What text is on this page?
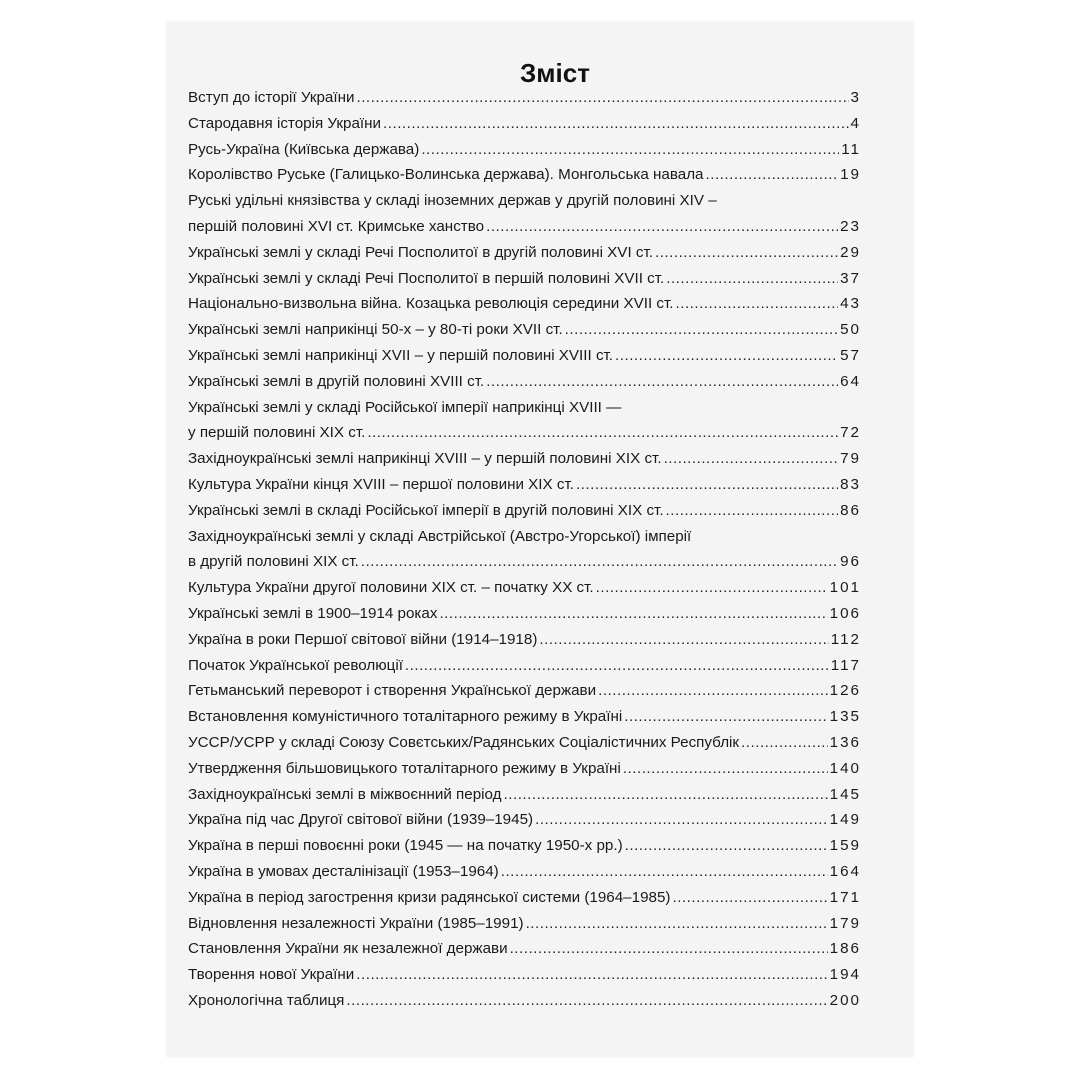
Зміст
Вступ до історії України .....	3
Стародавня історія України .....	4
Русь-Україна (Київська держава) .....	11
Королівство Руське (Галицько-Волинська держава). Монгольська навала .....	19
Руські удільні князівства у складі іноземних держав у другій половині XIV –
першій половині XVI ст. Кримське ханство .....	23
Українські землі у складі Речі Посполитої в другій половині XVI ст. .....	29
Українські землі у складі Речі Посполитої в першій половині XVII ст. .....	37
Національно-визвольна війна. Козацька революція середини XVII ст. .....	43
Українські землі наприкінці 50-х – у 80-ті роки XVII ст. .....	50
Українські землі наприкінці XVII – у першій половині XVIII ст. .....	57
Українські землі в другій половині XVIII ст. .....	64
Українські землі у складі Російської імперії наприкінці XVIII —
у першій половині XIX ст. .....	72
Західноукраїнські землі наприкінці XVIII – у першій половині XIX ст. .....	79
Культура України кінця XVIII – першої половини XIX ст. .....	83
Українські землі в складі Російської імперії в другій половині XIX ст. .....	86
Західноукраїнські землі у складі Австрійської (Австро-Угорської) імперії
в другій половині XIX ст. .....	96
Культура України другої половини XIX ст. – початку XX ст. .....	101
Українські землі в 1900–1914 роках .....	106
Україна в роки Першої світової війни (1914–1918) .....	112
Початок Української революції .....	117
Гетьманський переворот і створення Української держави .....	126
Встановлення комуністичного тоталітарного режиму в Україні .....	135
УССР/УСРР у складі Союзу Совєтських/Радянських Соціалістичних Республік .....	136
Утвердження більшовицького тоталітарного режиму в Україні .....	140
Західноукраїнські землі в міжвоєнний період .....	145
Україна під час Другої світової війни (1939–1945) .....	149
Україна в перші повоєнні роки (1945 — на початку 1950-х рр.) .....	159
Україна в умовах десталінізації (1953–1964) .....	164
Україна в період загострення кризи радянської системи (1964–1985) .....	171
Відновлення незалежності України (1985–1991) .....	179
Становлення України як незалежної держави .....	186
Творення нової України .....	194
Хронологічна таблиця .....	200
